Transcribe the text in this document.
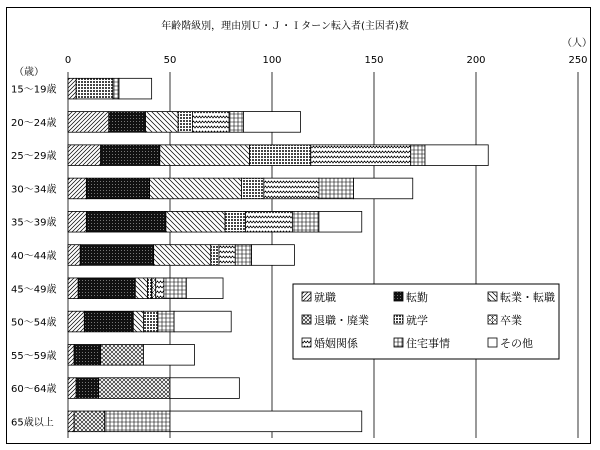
年齢階級別，理由別Ｕ・Ｊ・Ｉターン転入者(主因者)数
（人）
（歳）
0	50	100	150	200	250
15〜19歳
20〜24歳
25〜29歳
30〜34歳
35〜39歳
40〜44歳
45〜49歳
50〜54歳
55〜59歳
60〜64歳
65歳以上
就職	転勤	転業・転職
退職・廃業	就学	卒業
婚姻関係	住宅事情	その他
